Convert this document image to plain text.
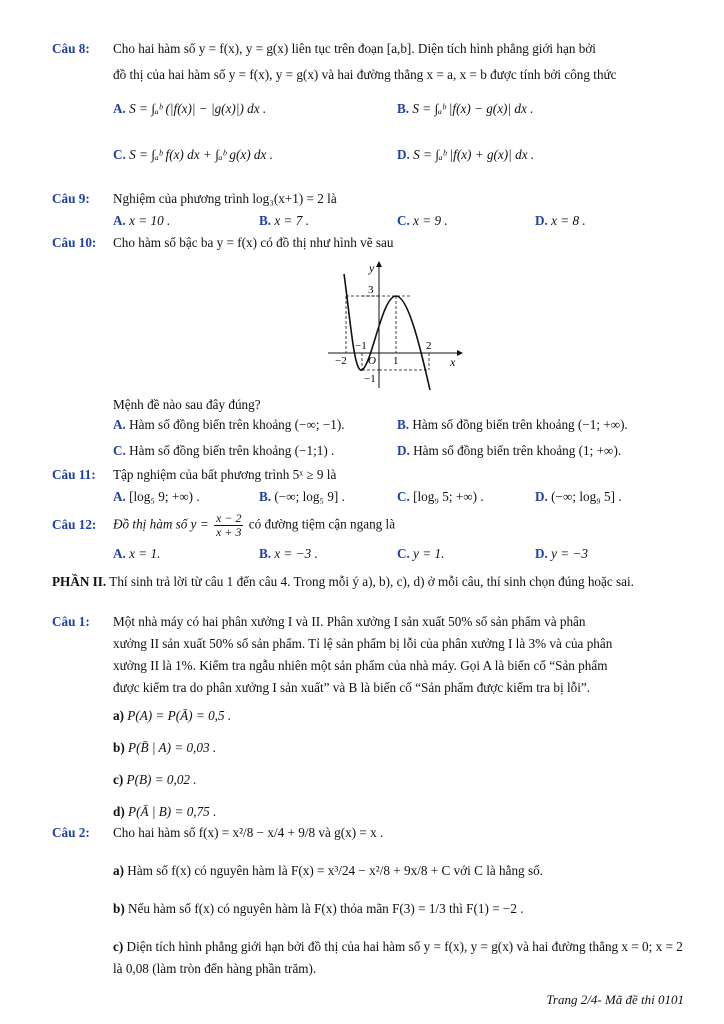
Câu 8: Cho hai hàm số y = f(x), y = g(x) liên tục trên đoạn [a,b]. Diện tích hình phẳng giới hạn bởi
đồ thị của hai hàm số y = f(x), y = g(x) và hai đường thẳng x = a, x = b được tính bởi công thức
A. S = ∫ₐᵇ (|f(x)| − |g(x)|) dx .	B. S = ∫ₐᵇ |f(x) − g(x)| dx .
C. S = ∫ₐᵇ f(x) dx + ∫ₐᵇ g(x) dx .	D. S = ∫ₐᵇ |f(x) + g(x)| dx .
Câu 9: Nghiệm của phương trình log₃(x+1) = 2 là
A. x = 10 .	B. x = 7 .	C. x = 9 .	D. x = 8 .
Câu 10: Cho hàm số bậc ba y = f(x) có đồ thị như hình vẽ sau
y
x
O
3
1
2
−1
−2
−1
Mệnh đề nào sau đây đúng?
A. Hàm số đồng biến trên khoảng (−∞; −1).	B. Hàm số đồng biến trên khoảng (−1; +∞).
C. Hàm số đồng biến trên khoảng (−1;1) .	D. Hàm số đồng biến trên khoảng (1; +∞).
Câu 11: Tập nghiệm của bất phương trình 5ˣ ≥ 9 là
A. [log₅ 9; +∞) .	B. (−∞; log₅ 9] .	C. [log₉ 5; +∞) .	D. (−∞; log₉ 5] .
Câu 12: Đồ thị hàm số $y = \frac{x - 2}{x + 3}$ có đường tiệm cận ngang là
A. x = 1.	B. x = −3 .	C. y = 1.	D. y = −3
PHẦN II. Thí sinh trả lời từ câu 1 đến câu 4. Trong mỗi ý a), b), c), d) ở mỗi câu, thí sinh chọn đúng hoặc sai.
Câu 1: Một nhà máy có hai phân xưởng I và II. Phân xưởng I sản xuất 50% số sản phẩm và phân
xưởng II sản xuất 50% số sản phẩm. Tỉ lệ sản phẩm bị lỗi của phân xưởng I là 3% và của phân
xưởng II là 1%. Kiểm tra ngẫu nhiên một sản phẩm của nhà máy. Gọi A là biến cố “Sản phẩm
được kiểm tra do phân xưởng I sản xuất” và B là biến cố “Sản phẩm được kiểm tra bị lỗi”.
a) P(A) = P(Ā) = 0,5 .
b) P(B̄ | A) = 0,03 .
c) P(B) = 0,02 .
d) P(Ā | B) = 0,75 .
Câu 2: Cho hai hàm số f(x) = x²/8 − x/4 + 9/8 và g(x) = x .
a) Hàm số f(x) có nguyên hàm là F(x) = x³/24 − x²/8 + 9x/8 + C với C là hằng số.
b) Nếu hàm số f(x) có nguyên hàm là F(x) thỏa mãn F(3) = 1/3 thì F(1) = −2 .
c) Diện tích hình phẳng giới hạn bởi đồ thị của hai hàm số y = f(x), y = g(x) và hai đường thẳng x = 0; x = 2 là 0,08 (làm tròn đến hàng phần trăm).
Trang 2/4- Mã đề thi 0101
